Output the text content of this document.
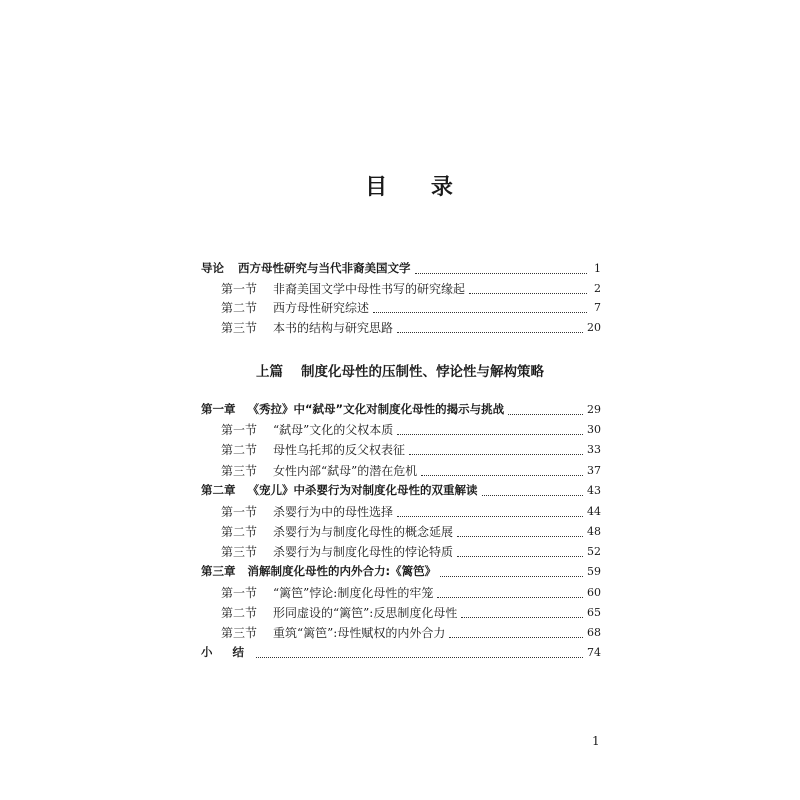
目 录
导论 西方母性研究与当代非裔美国文学	1
第一节 非裔美国文学中母性书写的研究缘起	2
第二节 西方母性研究综述	7
第三节 本书的结构与研究思路	20
上篇 制度化母性的压制性、悖论性与解构策略
第一章 《秀拉》中“弑母”文化对制度化母性的揭示与挑战	29
第一节 “弑母”文化的父权本质	30
第二节 母性乌托邦的反父权表征	33
第三节 女性内部“弑母”的潜在危机	37
第二章 《宠儿》中杀婴行为对制度化母性的双重解读	43
第一节 杀婴行为中的母性选择	44
第二节 杀婴行为与制度化母性的概念延展	48
第三节 杀婴行为与制度化母性的悖论特质	52
第三章 消解制度化母性的内外合力:《篱笆》	59
第一节 “篱笆”悖论:制度化母性的牢笼	60
第二节 形同虚设的“篱笆”:反思制度化母性	65
第三节 重筑“篱笆”:母性赋权的内外合力	68
小 结	74
1
